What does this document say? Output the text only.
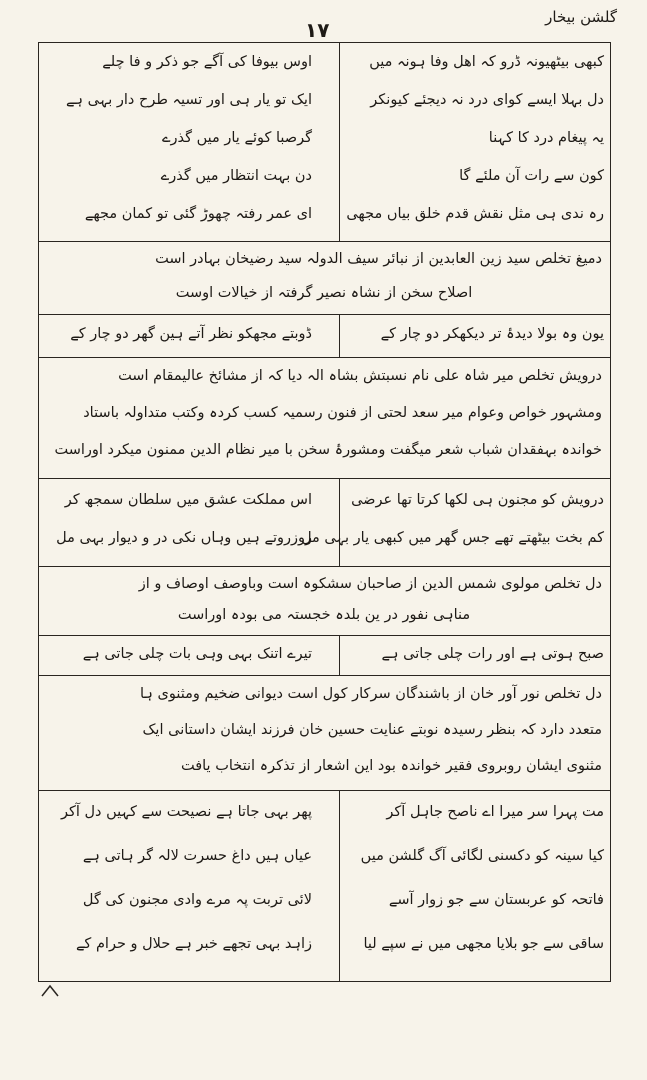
گلشن بیخار
۱۷
کبھی بیٹھیونہ ڈرو کہ اھل وفا ہونہ میں
دل بہلا ایسے کوای درد نہ دیجئے کیونکر
یہ پیغام درد کا کہنا
کون سے رات آن ملئے گا
رہ ندی ہی مثل نقش قدم خلق بیاں مجھی
اوس بیوفا کی آگے جو ذکر و فا چلے
ایک تو یار ہی اور تسیہ طرح دار بہی ہے
گرصبا کوئے یار میں گذرے
دن بہت انتظار میں گذرے
ای عمر رفتہ چھوڑ گئی تو کمان مجھے
دمیغ تخلص سید زین العابدین از نبائر سیف الدولہ سید رضیخان بہادر است
اصلاح سخن از نشاہ نصیر گرفتہ از خیالات اوست
یون وہ بولا دیدۂ تر دیکھکر دو چار کے
ڈوبتے مجھکو نظر آتے ہین گھر دو چار کے
درویش تخلص میر شاہ علی نام نسبتش بشاہ الہ دیا کہ از مشائخ عالیمقام است
ومشہور خواص وعوام میر سعد لحتی از فنون رسمیہ کسب کردہ وکتب متداولہ باستاد
خواندہ بہفقدان شباب شعر میگفت ومشورۂ سخن با میر نظام الدین ممنون میکرد اوراست
درویش کو مجنون ہی لکھا کرتا تھا عرضی
کم بخت بیٹھتے تھے جس گھر میں کبھی یار بہی مل
اس مملکت عشق میں سلطان سمجھ کر
روزروتے ہیں وہاں نکی در و دیوار بہی مل
دل تخلص مولوی شمس الدین از صاحبان سشکوہ است وباوصف اوصاف و از
مناہی نفور در ین بلدہ خجستہ می بودہ اوراست
صبح ہوتی ہے اور رات چلی جاتی ہے
تیرے اتنک بہی وہی بات چلی جاتی ہے
دل تخلص نور آور خان از باشندگان سرکار کول است دیوانی ضخیم ومثنوی ہا
متعدد دارد کہ بنظر رسیدہ نوبتے عنایت حسین خان فرزند ایشان داستانی ایک
مثنوی ایشان روبروی فقیر خواندہ بود این اشعار از تذکرہ انتخاب یافت
مت پہرا سر میرا اے ناصح جاہل آکر
کیا سینہ کو دکسنی لگائی آگ گلشن میں
فاتحہ کو عربستان سے جو زوار آسے
ساقی سے جو بلایا مجھی میں نے سپے لیا
پھر بہی جاتا ہے نصیحت سے کہیں دل آکر
عیاں ہیں داغ حسرت لالہ گر ہاتی ہے
لائی تربت پہ مرے وادی مجنون کی گل
زاہد بہی تجھے خبر ہے حلال و حرام کے
